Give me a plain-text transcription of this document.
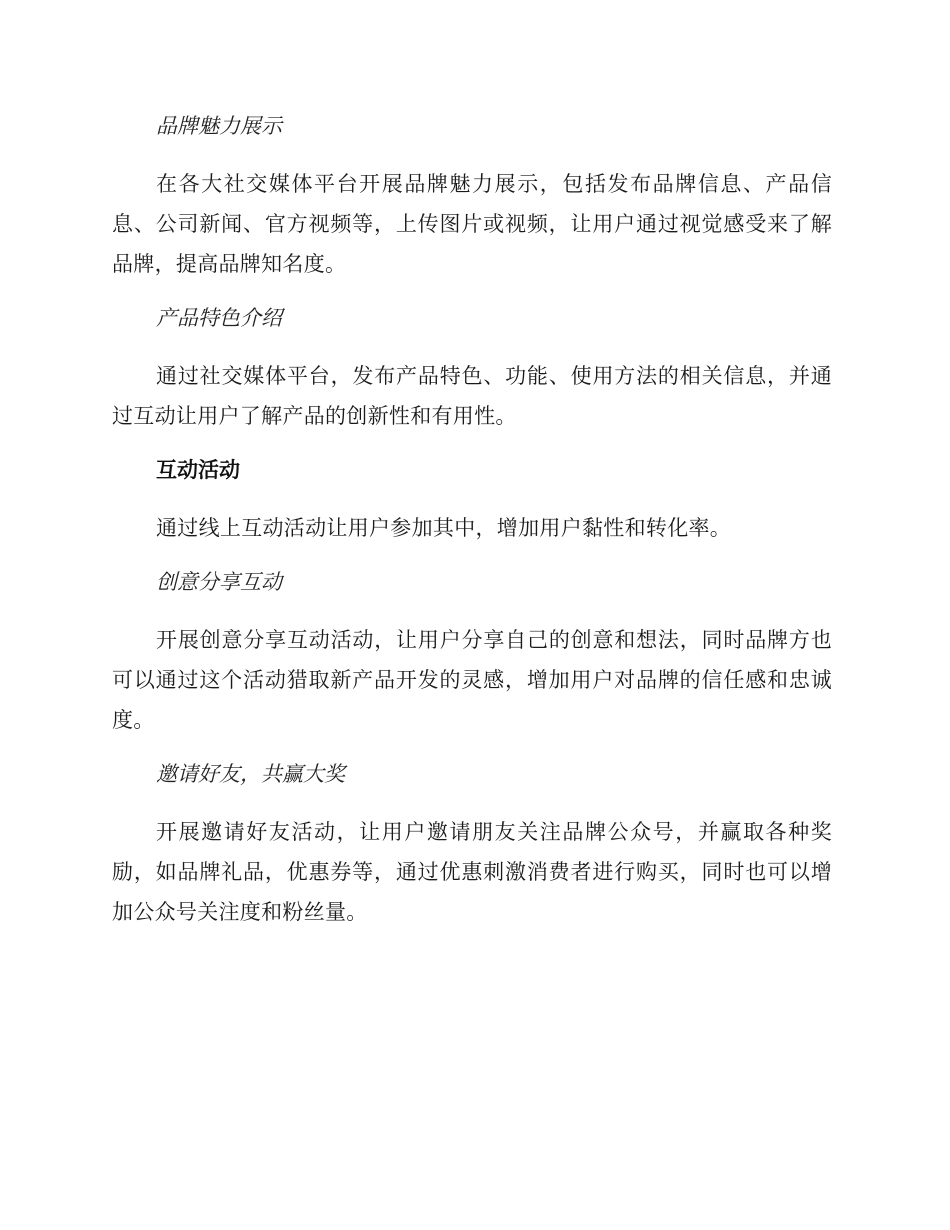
品牌魅力展示

在各大社交媒体平台开展品牌魅力展示，包括发布品牌信息、产品信息、公司新闻、官方视频等，上传图片或视频，让用户通过视觉感受来了解品牌，提高品牌知名度。

产品特色介绍

通过社交媒体平台，发布产品特色、功能、使用方法的相关信息，并通过互动让用户了解产品的创新性和有用性。

互动活动

通过线上互动活动让用户参加其中，增加用户黏性和转化率。

创意分享互动

开展创意分享互动活动，让用户分享自己的创意和想法，同时品牌方也可以通过这个活动猎取新产品开发的灵感，增加用户对品牌的信任感和忠诚度。

邀请好友，共赢大奖

开展邀请好友活动，让用户邀请朋友关注品牌公众号，并赢取各种奖励，如品牌礼品，优惠券等，通过优惠刺激消费者进行购买，同时也可以增加公众号关注度和粉丝量。
